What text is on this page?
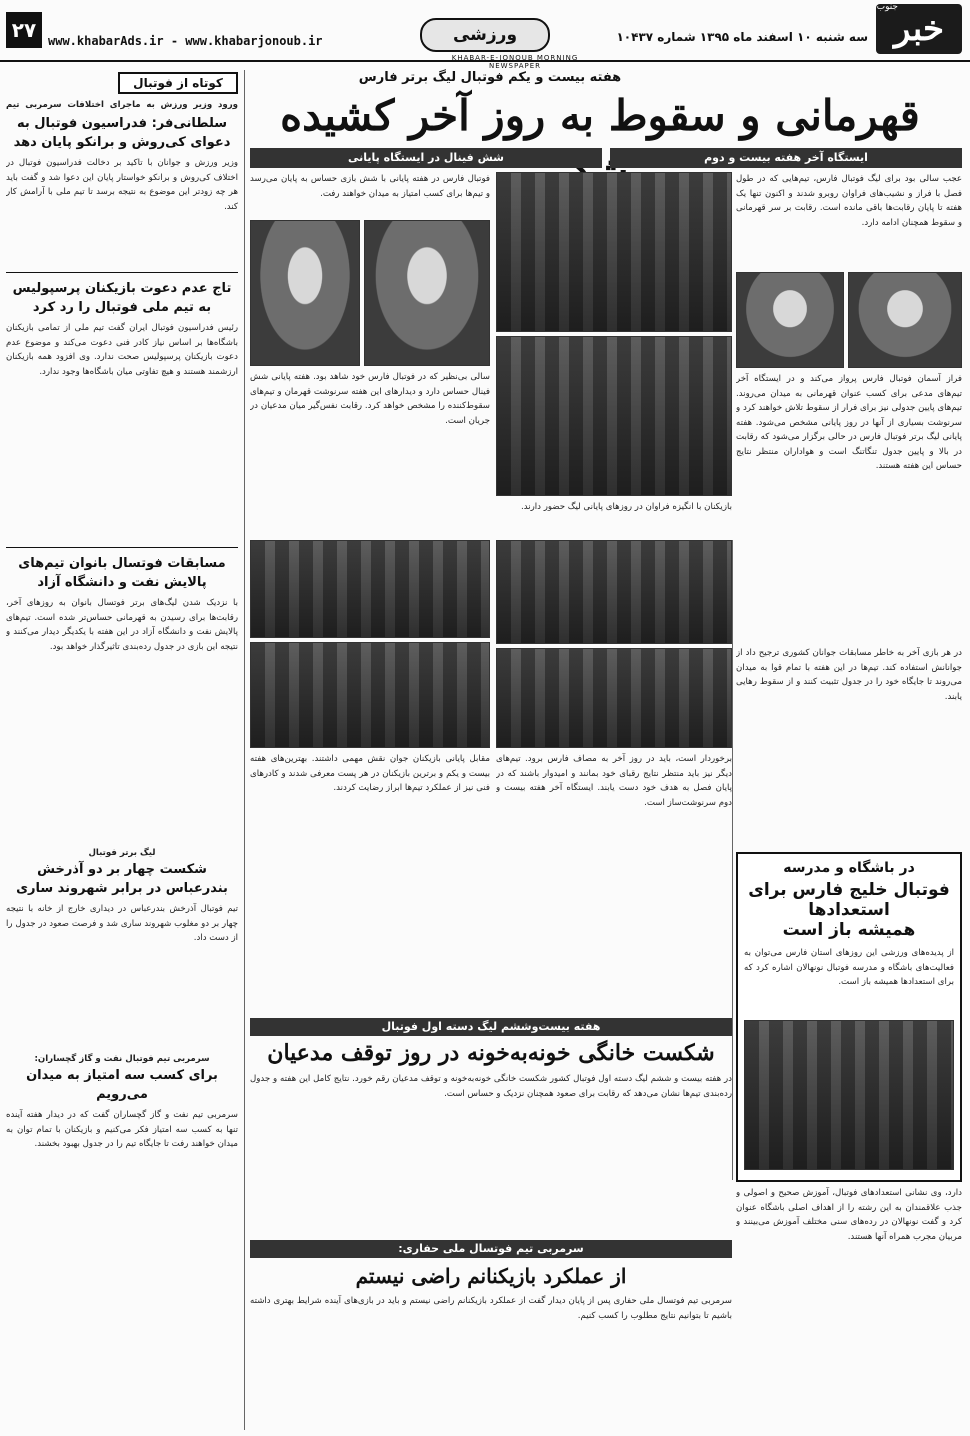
خبر
جنوب
سه شنبه ۱۰ اسفند ماه ۱۳۹۵ شماره ۱۰۴۳۷
ورزشی
KHABAR-E-JONOUB MORNING NEWSPAPER
www.khabarAds.ir - www.khabarjonoub.ir
۲۷
هفته بیست و یکم فوتبال لیگ برتر فارس
قهرمانی و سقوط به روز آخر کشیده
ایستگاه آخر هفته بیست و دوم
شش فینال در ایستگاه پایانی
عجب سالی بود برای لیگ فوتبال فارس، تیم‌هایی که در طول فصل با فراز و نشیب‌های فراوان روبرو شدند و اکنون تنها یک هفته تا پایان رقابت‌ها باقی مانده است. رقابت بر سر قهرمانی و سقوط همچنان ادامه دارد.
فراز آسمان فوتبال فارس پرواز می‌کند و در ایستگاه آخر تیم‌های مدعی برای کسب عنوان قهرمانی به میدان می‌روند. تیم‌های پایین جدولی نیز برای فرار از سقوط تلاش خواهند کرد و سرنوشت بسیاری از آنها در روز پایانی مشخص می‌شود. هفته پایانی لیگ برتر فوتبال فارس در حالی برگزار می‌شود که رقابت در بالا و پایین جدول تنگاتنگ است و هواداران منتظر نتایج حساس این هفته هستند.
فوتبال فارس در هفته پایانی با شش بازی حساس به پایان می‌رسد و تیم‌ها برای کسب امتیاز به میدان خواهند رفت.
سالی بی‌نظیر که در فوتبال فارس خود شاهد بود. هفته پایانی شش فینال حساس دارد و دیدارهای این هفته سرنوشت قهرمان و تیم‌های سقوط‌کننده را مشخص خواهد کرد. رقابت نفس‌گیر میان مدعیان در جریان است.
بازیکنان با انگیزه فراوان در روزهای پایانی لیگ حضور دارند.
در هر بازی آخر به خاطر مسابقات جوانان کشوری ترجیح داد از جوانانش استفاده کند. تیم‌ها در این هفته با تمام قوا به میدان می‌روند تا جایگاه خود را در جدول تثبیت کنند و از سقوط رهایی یابند.
برخوردار است، باید در روز آخر به مصاف فارس برود. تیم‌های دیگر نیز باید منتظر نتایج رقبای خود بمانند و امیدوار باشند که در پایان فصل به هدف خود دست یابند. ایستگاه آخر هفته بیست و دوم سرنوشت‌ساز است.
مقابل پایانی بازیکنان جوان نقش مهمی داشتند. بهترین‌های هفته بیست و یکم و برترین بازیکنان در هر پست معرفی شدند و کادرهای فنی نیز از عملکرد تیم‌ها ابراز رضایت کردند.
در باشگاه و مدرسه
فوتبال خلیج فارس برای استعدادها
همیشه باز است
از پدیده‌های ورزشی این روزهای استان فارس می‌توان به فعالیت‌های باشگاه و مدرسه فوتبال نونهالان اشاره کرد که برای استعدادها همیشه باز است.
دارد، وی نشانی استعدادهای فوتبال، آموزش صحیح و اصولی و جذب علاقمندان به این رشته را از اهداف اصلی باشگاه عنوان کرد و گفت نونهالان در رده‌های سنی مختلف آموزش می‌بینند و مربیان مجرب همراه آنها هستند.
هفته بیست‌وششم لیگ دسته اول فوتبال
شکست خانگی خونه‌به‌خونه در روز توقف مدعیان
در هفته بیست و ششم لیگ دسته اول فوتبال کشور شکست خانگی خونه‌به‌خونه و توقف مدعیان رقم خورد. نتایج کامل این هفته و جدول رده‌بندی تیم‌ها نشان می‌دهد که رقابت برای صعود همچنان نزدیک و حساس است.
سرمربی تیم فوتسال ملی حفاری:
از عملکرد بازیکنانم راضی نیستم
سرمربی تیم فوتسال ملی حفاری پس از پایان دیدار گفت از عملکرد بازیکنانم راضی نیستم و باید در بازی‌های آینده شرایط بهتری داشته باشیم تا بتوانیم نتایج مطلوب را کسب کنیم.
کوتاه از فوتبال
ورود وزیر ورزش به ماجرای اختلافات سرمربی تیم
سلطانی‌فر: فدراسیون فوتبال به دعوای کی‌روش و برانکو پایان دهد
وزیر ورزش و جوانان با تاکید بر دخالت فدراسیون فوتبال در اختلاف کی‌روش و برانکو خواستار پایان این دعوا شد و گفت باید هر چه زودتر این موضوع به نتیجه برسد تا تیم ملی با آرامش کار کند.
تاج عدم دعوت بازیکنان پرسپولیس به تیم ملی فوتبال را رد کرد
رئیس فدراسیون فوتبال ایران گفت تیم ملی از تمامی بازیکنان باشگاه‌ها بر اساس نیاز کادر فنی دعوت می‌کند و موضوع عدم دعوت بازیکنان پرسپولیس صحت ندارد. وی افزود همه بازیکنان ارزشمند هستند و هیچ تفاوتی میان باشگاه‌ها وجود ندارد.
مسابقات فوتسال بانوان تیم‌های پالایش نفت و دانشگاه آزاد
با نزدیک شدن لیگ‌های برتر فوتسال بانوان به روزهای آخر، رقابت‌ها برای رسیدن به قهرمانی حساس‌تر شده است. تیم‌های پالایش نفت و دانشگاه آزاد در این هفته با یکدیگر دیدار می‌کنند و نتیجه این بازی در جدول رده‌بندی تاثیرگذار خواهد بود.
لیگ برتر فوتبال
شکست چهار بر دو آذرخش بندرعباس در برابر شهروند ساری
تیم فوتبال آذرخش بندرعباس در دیداری خارج از خانه با نتیجه چهار بر دو مغلوب شهروند ساری شد و فرصت صعود در جدول را از دست داد.
سرمربی تیم فوتبال نفت و گاز گچساران:
برای کسب سه امتیاز به میدان می‌رویم
سرمربی تیم نفت و گاز گچساران گفت که در دیدار هفته آینده تنها به کسب سه امتیاز فکر می‌کنیم و بازیکنان با تمام توان به میدان خواهند رفت تا جایگاه تیم را در جدول بهبود بخشند.
